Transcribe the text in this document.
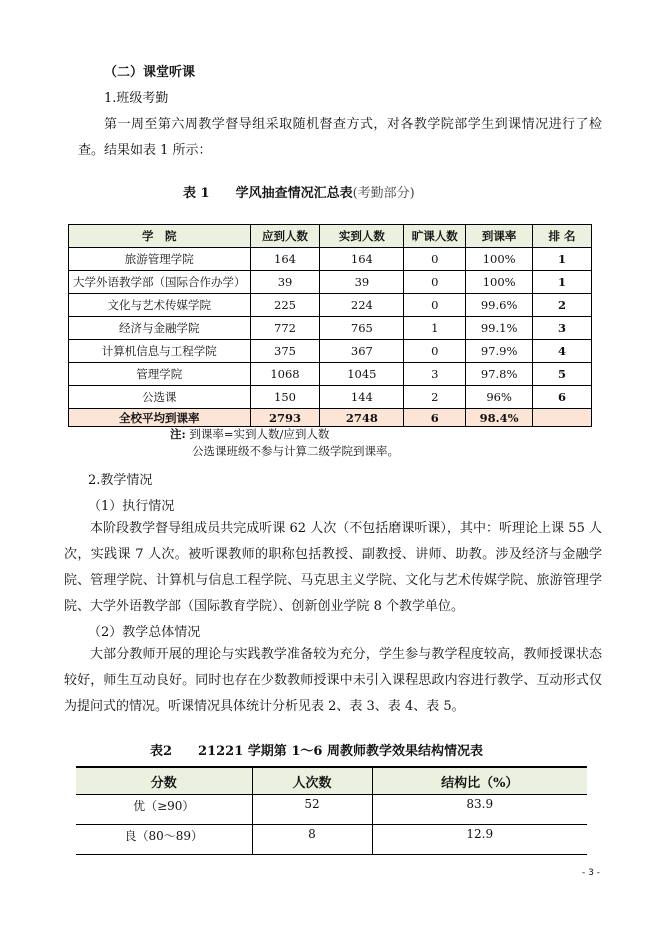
（二）课堂听课
1.班级考勤
第一周至第六周教学督导组采取随机督查方式，对各教学院部学生到课情况进行了检查。结果如表 1 所示：
表 1 学风抽查情况汇总表(考勤部分)
学　院	应到人数	实到人数	旷课人数	到课率	排 名
旅游管理学院	164	164	0	100%	1
大学外语教学部（国际合作办学）	39	39	0	100%	1
文化与艺术传媒学院	225	224	0	99.6%	2
经济与金融学院	772	765	1	99.1%	3
计算机信息与工程学院	375	367	0	97.9%	4
管理学院	1068	1045	3	97.8%	5
公选课	150	144	2	96%	6
全校平均到课率	2793	2748	6	98.4%	
注: 到课率=实到人数/应到人数
公选课班级不参与计算二级学院到课率。
2.教学情况
（1）执行情况
本阶段教学督导组成员共完成听课 62 人次（不包括磨课听课），其中：听理论上课 55 人次，实践课 7 人次。被听课教师的职称包括教授、副教授、讲师、助教。涉及经济与金融学院、管理学院、计算机与信息工程学院、马克思主义学院、文化与艺术传媒学院、旅游管理学院、大学外语教学部（国际教育学院）、创新创业学院 8 个教学单位。
（2）教学总体情况
大部分教师开展的理论与实践教学准备较为充分，学生参与教学程度较高，教师授课状态较好，师生互动良好。同时也存在少数教师授课中未引入课程思政内容进行教学、互动形式仅为提问式的情况。听课情况具体统计分析见表 2、表 3、表 4、表 5。
表2　　21221 学期第 1～6 周教师教学效果结构情况表
分数	人次数	结构比（%）
优（≥90）	52	83.9
良（80～89）	8	12.9
- 3 -
